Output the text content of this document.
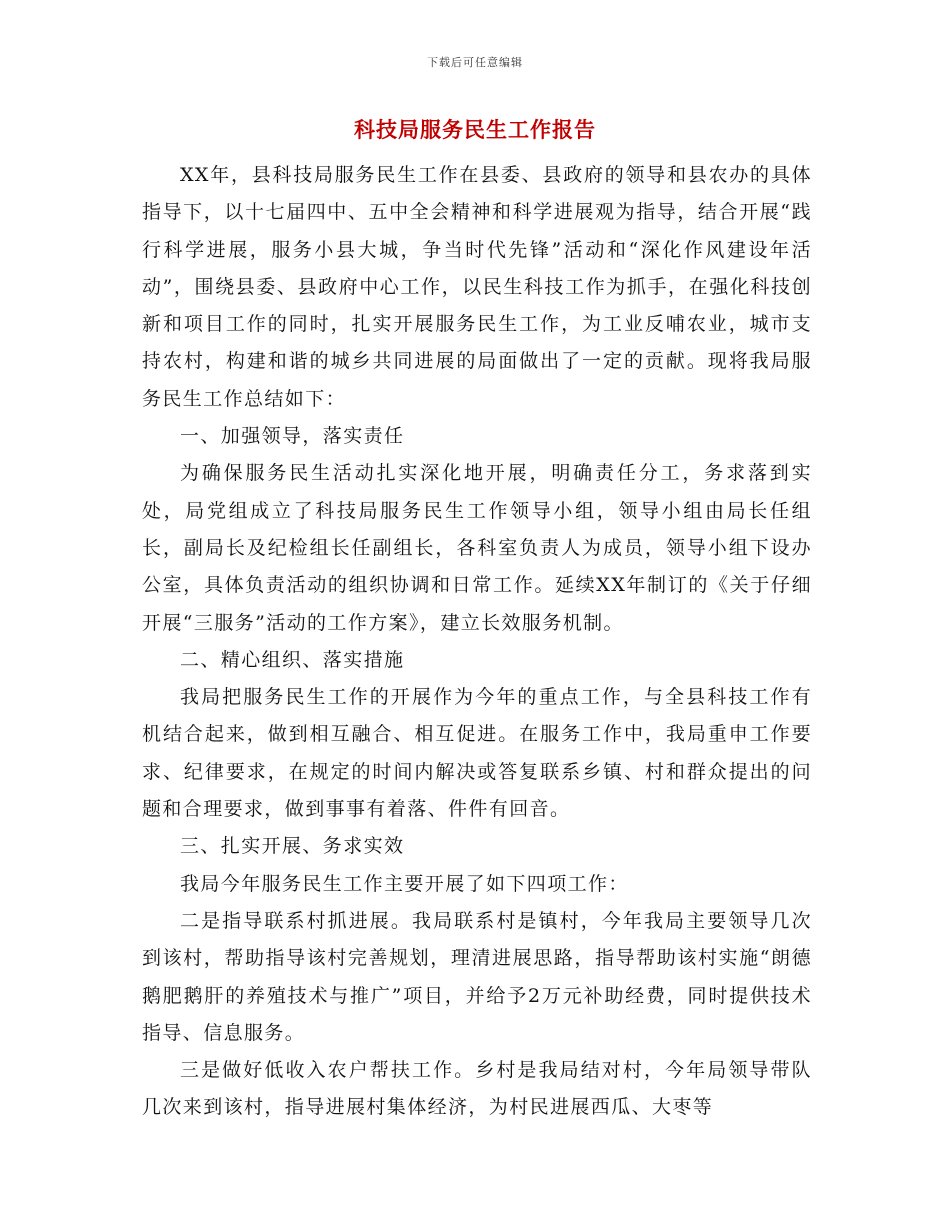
下载后可任意编辑
科技局服务民生工作报告

XX年，县科技局服务民生工作在县委、县政府的领导和县农办的具体指导下，以十七届四中、五中全会精神和科学进展观为指导，结合开展“践行科学进展，服务小县大城，争当时代先锋”活动和“深化作风建设年活动”，围绕县委、县政府中心工作，以民生科技工作为抓手，在强化科技创新和项目工作的同时，扎实开展服务民生工作，为工业反哺农业，城市支持农村，构建和谐的城乡共同进展的局面做出了一定的贡献。现将我局服务民生工作总结如下：

一、加强领导，落实责任

为确保服务民生活动扎实深化地开展，明确责任分工，务求落到实处，局党组成立了科技局服务民生工作领导小组，领导小组由局长任组长，副局长及纪检组长任副组长，各科室负责人为成员，领导小组下设办公室，具体负责活动的组织协调和日常工作。延续XX年制订的《关于仔细开展“三服务”活动的工作方案》，建立长效服务机制。

二、精心组织、落实措施

我局把服务民生工作的开展作为今年的重点工作，与全县科技工作有机结合起来，做到相互融合、相互促进。在服务工作中，我局重申工作要求、纪律要求，在规定的时间内解决或答复联系乡镇、村和群众提出的问题和合理要求，做到事事有着落、件件有回音。

三、扎实开展、务求实效

我局今年服务民生工作主要开展了如下四项工作：

二是指导联系村抓进展。我局联系村是镇村，今年我局主要领导几次到该村，帮助指导该村完善规划，理清进展思路，指导帮助该村实施“朗德鹅肥鹅肝的养殖技术与推广”项目，并给予2万元补助经费，同时提供技术指导、信息服务。

三是做好低收入农户帮扶工作。乡村是我局结对村，今年局领导带队几次来到该村，指导进展村集体经济，为村民进展西瓜、大枣等
